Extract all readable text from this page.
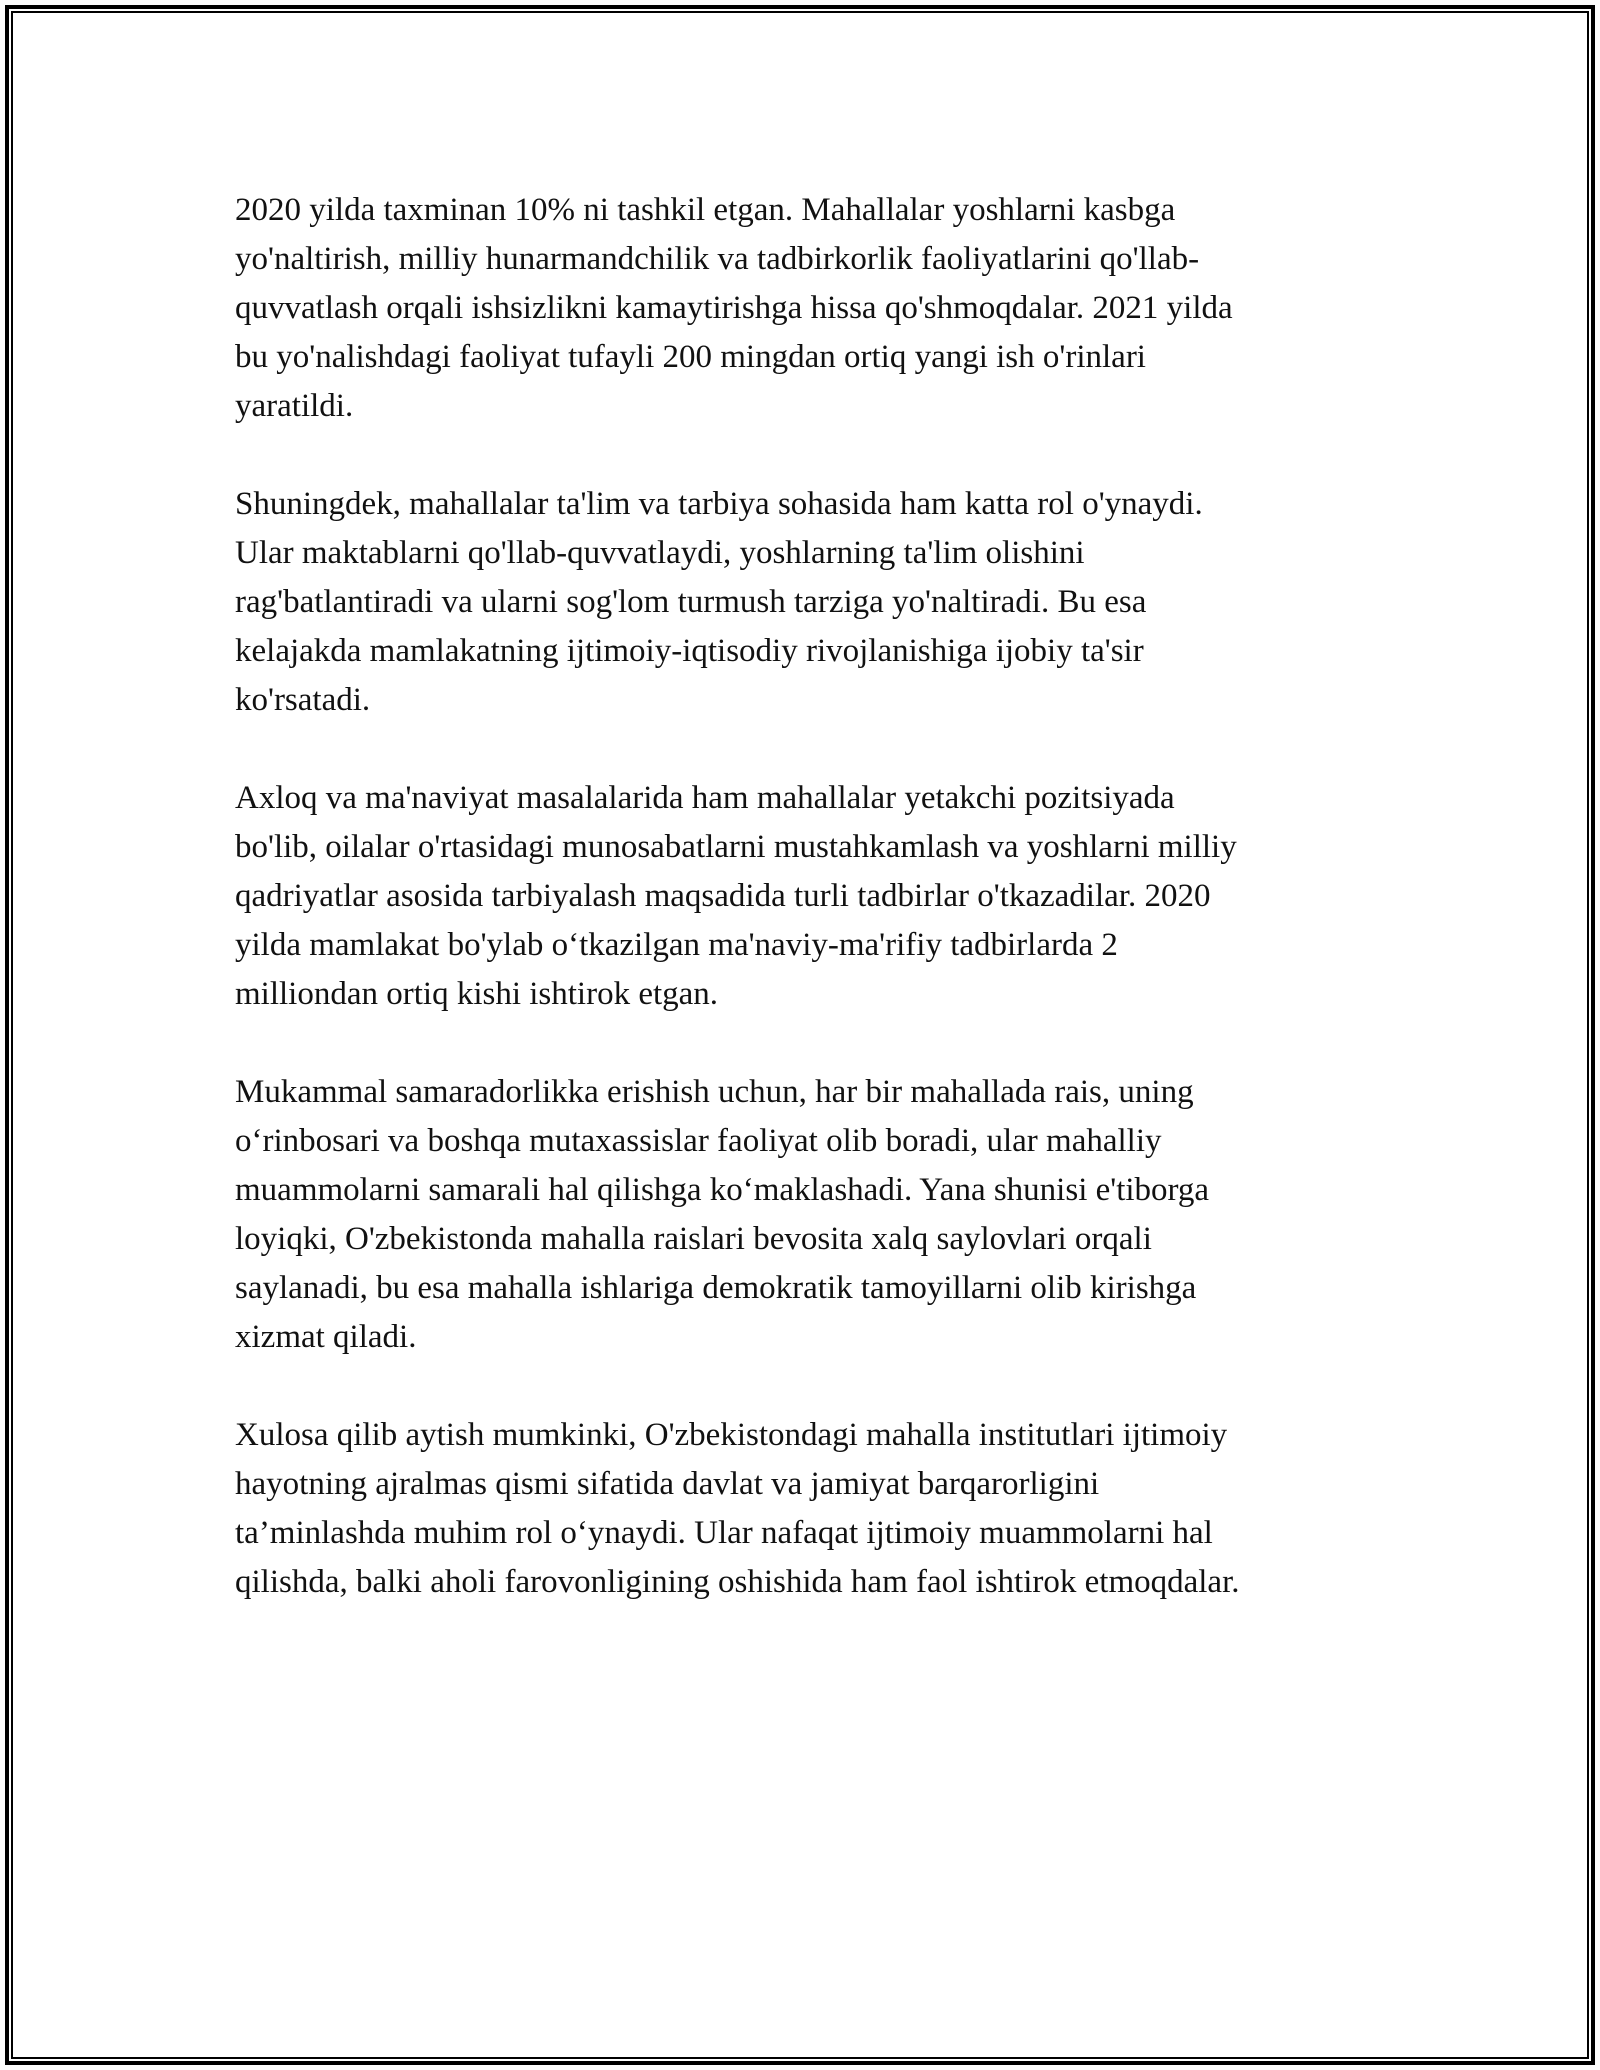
2020 yilda taxminan 10% ni tashkil etgan. Mahallalar yoshlarni kasbga
yo'naltirish, milliy hunarmandchilik va tadbirkorlik faoliyatlarini qo'llab-
quvvatlash orqali ishsizlikni kamaytirishga hissa qo'shmoqdalar. 2021 yilda
bu yo'nalishdagi faoliyat tufayli 200 mingdan ortiq yangi ish o'rinlari
yaratildi.

Shuningdek, mahallalar ta'lim va tarbiya sohasida ham katta rol o'ynaydi.
Ular maktablarni qo'llab-quvvatlaydi, yoshlarning ta'lim olishini
rag'batlantiradi va ularni sog'lom turmush tarziga yo'naltiradi. Bu esa
kelajakda mamlakatning ijtimoiy-iqtisodiy rivojlanishiga ijobiy ta'sir
ko'rsatadi.

Axloq va ma'naviyat masalalarida ham mahallalar yetakchi pozitsiyada
bo'lib, oilalar o'rtasidagi munosabatlarni mustahkamlash va yoshlarni milliy
qadriyatlar asosida tarbiyalash maqsadida turli tadbirlar o'tkazadilar. 2020
yilda mamlakat bo'ylab o‘tkazilgan ma'naviy-ma'rifiy tadbirlarda 2
milliondan ortiq kishi ishtirok etgan.

Mukammal samaradorlikka erishish uchun, har bir mahallada rais, uning
o‘rinbosari va boshqa mutaxassislar faoliyat olib boradi, ular mahalliy
muammolarni samarali hal qilishga ko‘maklashadi. Yana shunisi e'tiborga
loyiqki, O'zbekistonda mahalla raislari bevosita xalq saylovlari orqali
saylanadi, bu esa mahalla ishlariga demokratik tamoyillarni olib kirishga
xizmat qiladi.

Xulosa qilib aytish mumkinki, O'zbekistondagi mahalla institutlari ijtimoiy
hayotning ajralmas qismi sifatida davlat va jamiyat barqarorligini
ta’minlashda muhim rol o‘ynaydi. Ular nafaqat ijtimoiy muammolarni hal
qilishda, balki aholi farovonligining oshishida ham faol ishtirok etmoqdalar.
